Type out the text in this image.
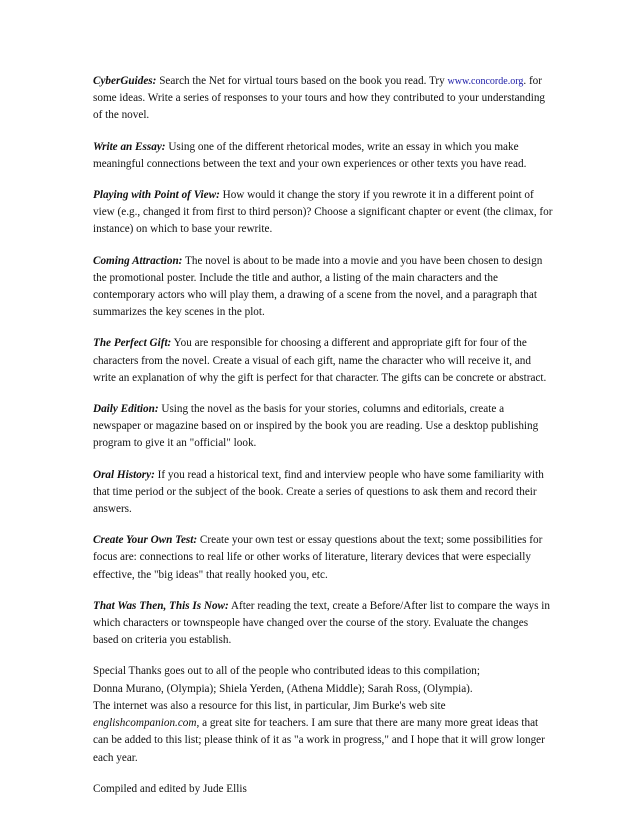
CyberGuides: Search the Net for virtual tours based on the book you read. Try www.concorde.org. for some ideas. Write a series of responses to your tours and how they contributed to your understanding of the novel.

Write an Essay: Using one of the different rhetorical modes, write an essay in which you make meaningful connections between the text and your own experiences or other texts you have read.

Playing with Point of View: How would it change the story if you rewrote it in a different point of view (e.g., changed it from first to third person)? Choose a significant chapter or event (the climax, for instance) on which to base your rewrite.

Coming Attraction: The novel is about to be made into a movie and you have been chosen to design the promotional poster. Include the title and author, a listing of the main characters and the contemporary actors who will play them, a drawing of a scene from the novel, and a paragraph that summarizes the key scenes in the plot.

The Perfect Gift: You are responsible for choosing a different and appropriate gift for four of the characters from the novel. Create a visual of each gift, name the character who will receive it, and write an explanation of why the gift is perfect for that character. The gifts can be concrete or abstract.

Daily Edition: Using the novel as the basis for your stories, columns and editorials, create a newspaper or magazine based on or inspired by the book you are reading. Use a desktop publishing program to give it an "official" look.

Oral History: If you read a historical text, find and interview people who have some familiarity with that time period or the subject of the book. Create a series of questions to ask them and record their answers.

Create Your Own Test: Create your own test or essay questions about the text; some possibilities for focus are: connections to real life or other works of literature, literary devices that were especially effective, the "big ideas" that really hooked you, etc.

That Was Then, This Is Now: After reading the text, create a Before/After list to compare the ways in which characters or townspeople have changed over the course of the story. Evaluate the changes based on criteria you establish.

Special Thanks goes out to all of the people who contributed ideas to this compilation;
Donna Murano, (Olympia); Shiela Yerden, (Athena Middle); Sarah Ross, (Olympia).
The internet was also a resource for this list, in particular, Jim Burke's web site
englishcompanion.com, a great site for teachers. I am sure that there are many more great ideas that can be added to this list; please think of it as "a work in progress," and I hope that it will grow longer each year.

Compiled and edited by Jude Ellis
